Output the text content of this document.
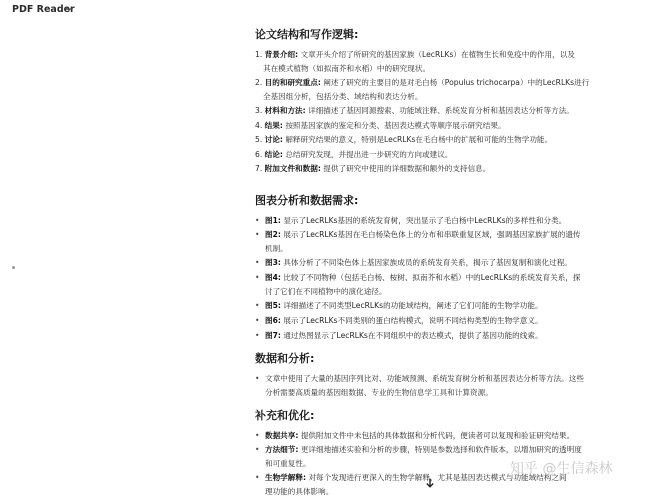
PDF Reader
论文结构和写作逻辑:
1. 背景介绍: 文章开头介绍了所研究的基因家族（LecRLKs）在植物生长和免疫中的作用，以及
其在模式植物（如拟南芥和水稻）中的研究现状。
2. 目的和研究重点: 阐述了研究的主要目的是对毛白杨（Populus trichocarpa）中的LecRLKs进行
全基因组分析，包括分类、域结构和表达分析。
3. 材料和方法: 详细描述了基因同源搜索、功能域注释、系统发育分析和基因表达分析等方法。
4. 结果: 按照基因家族的鉴定和分类、基因表达模式等顺序展示研究结果。
5. 讨论: 解释研究结果的意义，特别是LecRLKs在毛白杨中的扩展和可能的生物学功能。
6. 结论: 总结研究发现，并提出进一步研究的方向或建议。
7. 附加文件和数据: 提供了研究中使用的详细数据和额外的支持信息。
图表分析和数据需求:
• 图1: 显示了LecRLKs基因的系统发育树，突出显示了毛白杨中LecRLKs的多样性和分类。
• 图2: 展示了LecRLKs基因在毛白杨染色体上的分布和串联重复区域，强调基因家族扩展的遗传
机制。
• 图3: 具体分析了不同染色体上基因家族成员的系统发育关系，揭示了基因复制和演化过程。
• 图4: 比较了不同物种（包括毛白杨、桉树、拟南芥和水稻）中的LecRLKs的系统发育关系，探
讨了它们在不同植物中的演化途径。
• 图5: 详细描述了不同类型LecRLKs的功能域结构，阐述了它们可能的生物学功能。
• 图6: 展示了LecRLKs不同类别的蛋白结构模式，说明不同结构类型的生物学意义。
• 图7: 通过热图显示了LecRLKs在不同组织中的表达模式，提供了基因功能的线索。
数据和分析:
• 文章中使用了大量的基因序列比对、功能域预测、系统发育树分析和基因表达分析等方法。这些
分析需要高质量的基因组数据、专业的生物信息学工具和计算资源。
补充和优化:
• 数据共享: 提供附加文件中未包括的具体数据和分析代码，便读者可以复现和验证研究结果。
• 方法细节: 更详细地描述实验和分析的步骤，特别是参数选择和软件版本，以增加研究的透明度
和可重复性。
• 生物学解释: 对每个发现进行更深入的生物学解释，尤其是基因表达模式与功能域结构之间
理功能的具体影响。
知乎 @生信森林
